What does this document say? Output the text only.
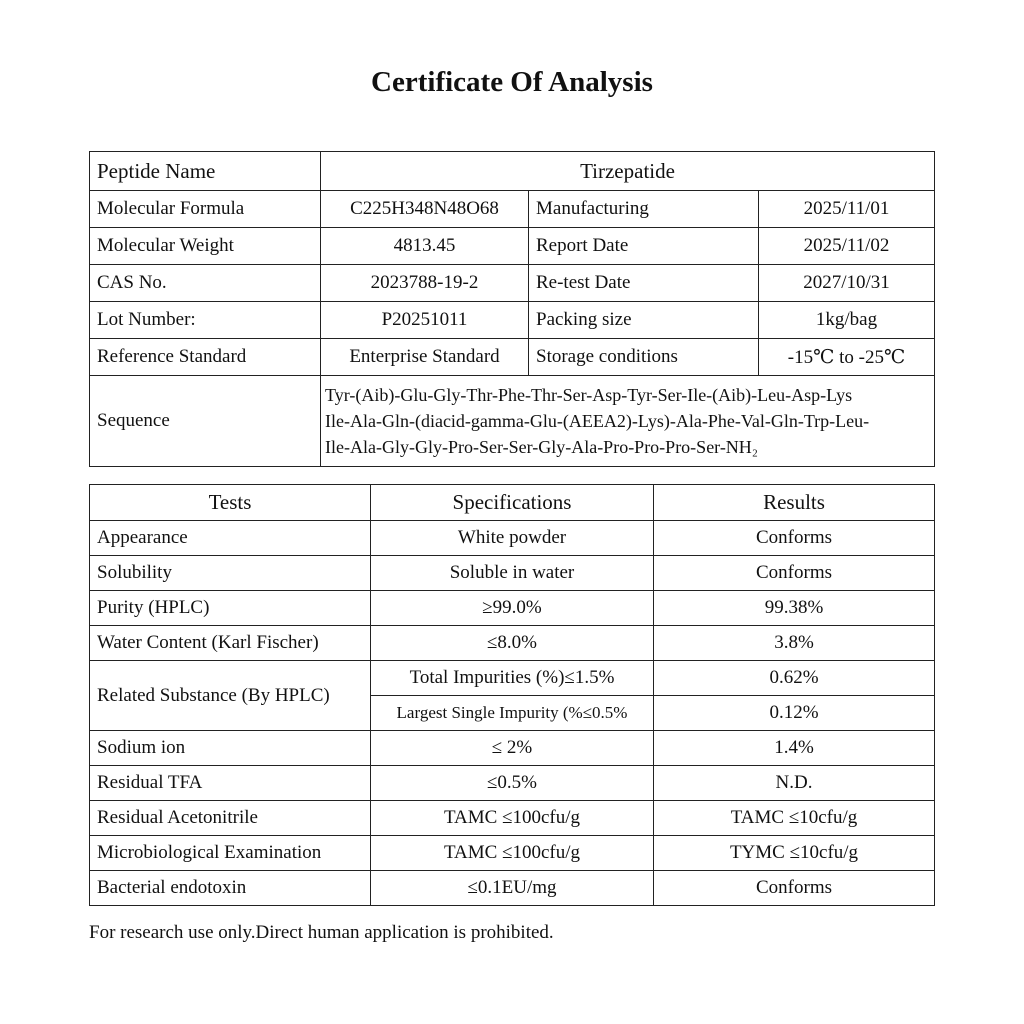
Certificate Of Analysis
Peptide Name	Tirzepatide		
Molecular Formula	C225H348N48O68	Manufacturing	2025/11/01
Molecular Weight	4813.45	Report Date	2025/11/02
CAS No.	2023788-19-2	Re-test Date	2027/10/31
Lot Number:	P20251011	Packing size	1kg/bag
Reference Standard	Enterprise Standard	Storage conditions	-15℃ to -25℃
Sequence	Tyr-(Aib)-Glu-Gly-Thr-Phe-Thr-Ser-Asp-Tyr-Ser-Ile-(Aib)-Leu-Asp-Lys
Ile-Ala-Gln-(diacid-gamma-Glu-(AEEA2)-Lys)-Ala-Phe-Val-Gln-Trp-Leu-
Ile-Ala-Gly-Gly-Pro-Ser-Ser-Gly-Ala-Pro-Pro-Pro-Ser-NH₂		
Tests	Specifications	Results
Appearance	White powder	Conforms
Solubility	Soluble in water	Conforms
Purity (HPLC)	≥99.0%	99.38%
Water Content (Karl Fischer)	≤8.0%	3.8%
Related Substance (By HPLC)	Total Impurities (%)≤1.5%	0.62%
	Largest Single Impurity (%≤0.5%	0.12%
Sodium ion	≤ 2%	1.4%
Residual TFA	≤0.5%	N.D.
Residual Acetonitrile	TAMC ≤100cfu/g	TAMC ≤10cfu/g
Microbiological Examination	TAMC ≤100cfu/g	TYMC ≤10cfu/g
Bacterial endotoxin	≤0.1EU/mg	Conforms
For research use only.Direct human application is prohibited.
